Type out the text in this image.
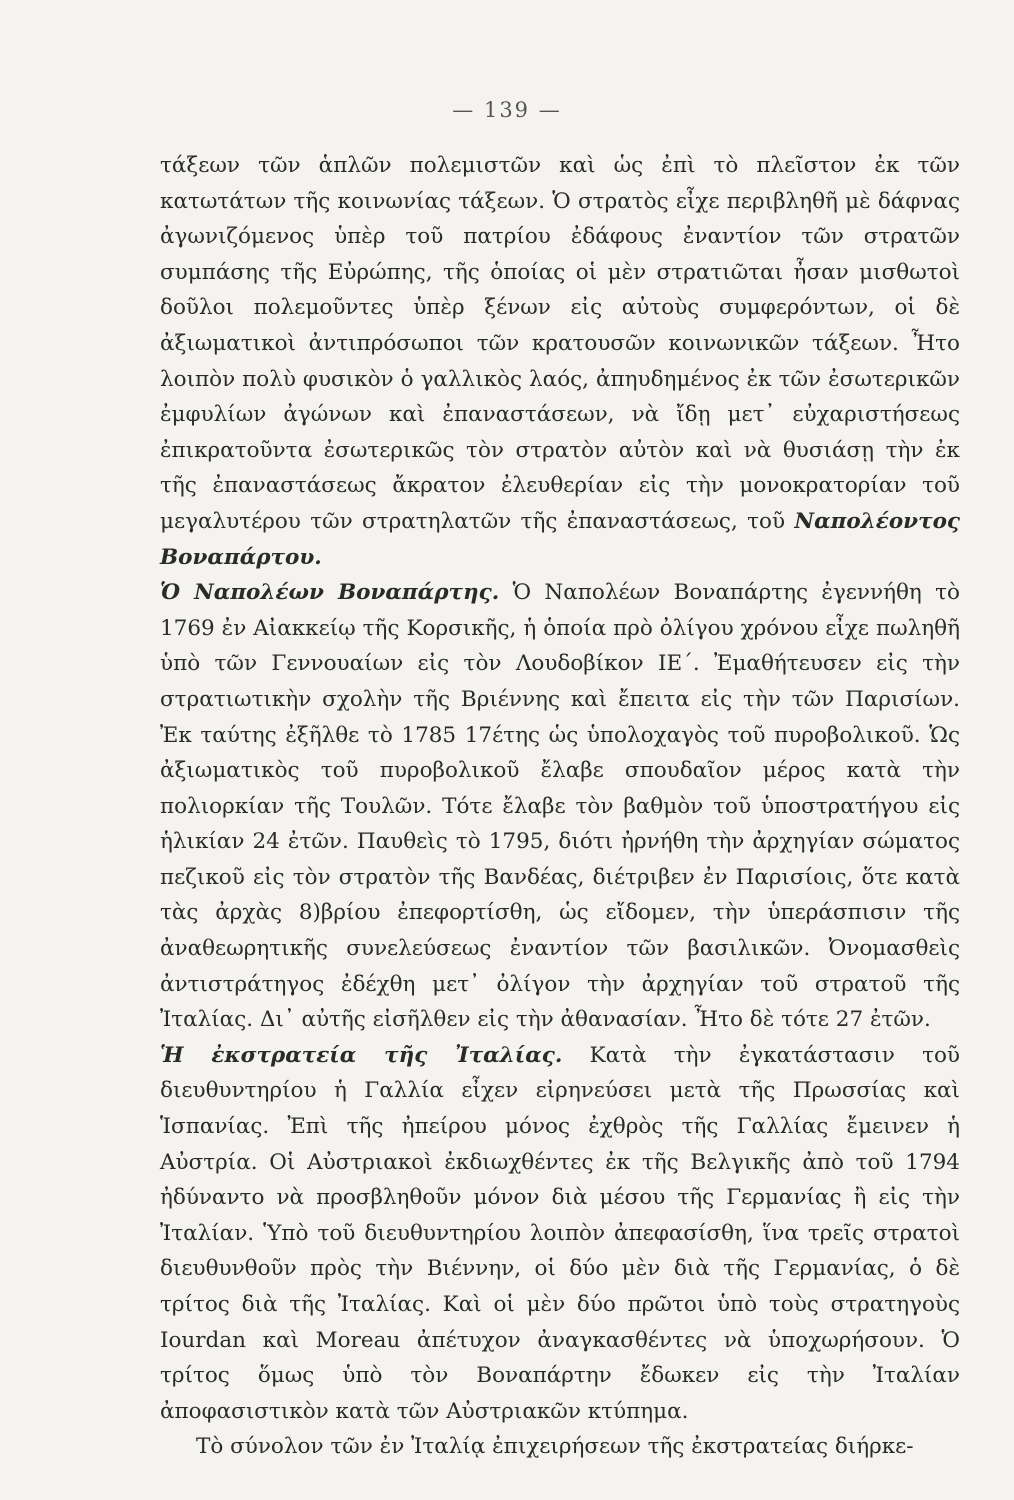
— 139 —

τάξεων τῶν ἁπλῶν πολεμιστῶν καὶ ὡς ἐπὶ τὸ πλεῖστον ἐκ τῶν κατωτάτων τῆς κοινωνίας τάξεων. Ὁ στρατὸς εἶχε περιβληθῆ μὲ δάφνας ἀγωνιζόμενος ὑπὲρ τοῦ πατρίου ἐδάφους ἐναντίον τῶν στρατῶν συμπάσης τῆς Εὐρώπης, τῆς ὁποίας οἱ μὲν στρατιῶται ἦσαν μισθωτοὶ δοῦλοι πολεμοῦντες ὑπὲρ ξένων εἰς αὐτοὺς συμφερόντων, οἱ δὲ ἀξιωματικοὶ ἀντιπρόσωποι τῶν κρατουσῶν κοινωνικῶν τάξεων. Ἦτο λοιπὸν πολὺ φυσικὸν ὁ γαλλικὸς λαός, ἀπηυδημένος ἐκ τῶν ἐσωτερικῶν ἐμφυλίων ἀγώνων καὶ ἐπαναστάσεων, νὰ ἴδῃ μετ᾿ εὐχαριστήσεως ἐπικρατοῦντα ἐσωτερικῶς τὸν στρατὸν αὐτὸν καὶ νὰ θυσιάσῃ τὴν ἐκ τῆς ἐπαναστάσεως ἄκρατον ἐλευθερίαν εἰς τὴν μονοκρατορίαν τοῦ μεγαλυτέρου τῶν στρατηλατῶν τῆς ἐπαναστάσεως, τοῦ Ναπολέοντος Βοναπάρτου.

Ὁ Ναπολέων Βοναπάρτης. Ὁ Ναπολέων Βοναπάρτης ἐγεννήθη τὸ 1769 ἐν Αἰακκείῳ τῆς Κορσικῆς, ἡ ὁποία πρὸ ὀλίγου χρόνου εἶχε πωληθῆ ὑπὸ τῶν Γεννουαίων εἰς τὸν Λουδοβίκον ΙΕ΄. Ἐμαθήτευσεν εἰς τὴν στρατιωτικὴν σχολὴν τῆς Βριέννης καὶ ἔπειτα εἰς τὴν τῶν Παρισίων. Ἐκ ταύτης ἐξῆλθε τὸ 1785 17έτης ὡς ὑπολοχαγὸς τοῦ πυροβολικοῦ. Ὡς ἀξιωματικὸς τοῦ πυροβολικοῦ ἔλαβε σπουδαῖον μέρος κατὰ τὴν πολιορκίαν τῆς Τουλῶν. Τότε ἔλαβε τὸν βαθμὸν τοῦ ὑποστρατήγου εἰς ἡλικίαν 24 ἐτῶν. Παυθεὶς τὸ 1795, διότι ἠρνήθη τὴν ἀρχηγίαν σώματος πεζικοῦ εἰς τὸν στρατὸν τῆς Βανδέας, διέτριβεν ἐν Παρισίοις, ὅτε κατὰ τὰς ἀρχὰς 8)βρίου ἐπεφορτίσθη, ὡς εἴδομεν, τὴν ὑπεράσπισιν τῆς ἀναθεωρητικῆς συνελεύσεως ἐναντίον τῶν βασιλικῶν. Ὀνομασθεὶς ἀντιστράτηγος ἐδέχθη μετ᾿ ὀλίγον τὴν ἀρχηγίαν τοῦ στρατοῦ τῆς Ἰταλίας. Δι᾿ αὐτῆς εἰσῆλθεν εἰς τὴν ἀθανασίαν. Ἦτο δὲ τότε 27 ἐτῶν.

Ἡ ἐκστρατεία τῆς Ἰταλίας. Κατὰ τὴν ἐγκατάστασιν τοῦ διευθυντηρίου ἡ Γαλλία εἶχεν εἰρηνεύσει μετὰ τῆς Πρωσσίας καὶ Ἱσπανίας. Ἐπὶ τῆς ἠπείρου μόνος ἐχθρὸς τῆς Γαλλίας ἔμεινεν ἡ Αὐστρία. Οἱ Αὐστριακοὶ ἐκδιωχθέντες ἐκ τῆς Βελγικῆς ἀπὸ τοῦ 1794 ἠδύναντο νὰ προσβληθοῦν μόνον διὰ μέσου τῆς Γερμανίας ἢ εἰς τὴν Ἰταλίαν. Ὑπὸ τοῦ διευθυντηρίου λοιπὸν ἀπεφασίσθη, ἵνα τρεῖς στρατοὶ διευθυνθοῦν πρὸς τὴν Βιέννην, οἱ δύο μὲν διὰ τῆς Γερμανίας, ὁ δὲ τρίτος διὰ τῆς Ἰταλίας. Καὶ οἱ μὲν δύο πρῶτοι ὑπὸ τοὺς στρατηγοὺς Iourdan καὶ Moreau ἀπέτυχον ἀναγκασθέντες νὰ ὑποχωρήσουν. Ὁ τρίτος ὅμως ὑπὸ τὸν Βοναπάρτην ἔδωκεν εἰς τὴν Ἰταλίαν ἀποφασιστικὸν κατὰ τῶν Αὐστριακῶν κτύπημα.

Τὸ σύνολον τῶν ἐν Ἰταλίᾳ ἐπιχειρήσεων τῆς ἐκστρατείας διήρκε-
